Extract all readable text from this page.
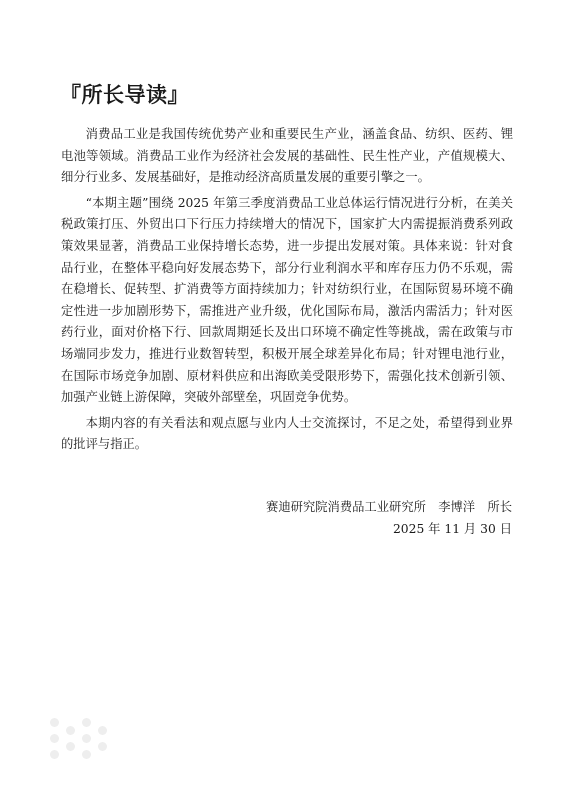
『所长导读』

消费品工业是我国传统优势产业和重要民生产业，涵盖食品、纺织、医药、锂电池等领域。消费品工业作为经济社会发展的基础性、民生性产业，产值规模大、细分行业多、发展基础好，是推动经济高质量发展的重要引擎之一。

“本期主题”围绕 2025 年第三季度消费品工业总体运行情况进行分析，在美关税政策打压、外贸出口下行压力持续增大的情况下，国家扩大内需提振消费系列政策效果显著，消费品工业保持增长态势，进一步提出发展对策。具体来说：针对食品行业，在整体平稳向好发展态势下，部分行业利润水平和库存压力仍不乐观，需在稳增长、促转型、扩消费等方面持续加力；针对纺织行业，在国际贸易环境不确定性进一步加剧形势下，需推进产业升级，优化国际布局，激活内需活力；针对医药行业，面对价格下行、回款周期延长及出口环境不确定性等挑战，需在政策与市场端同步发力，推进行业数智转型，积极开展全球差异化布局；针对锂电池行业，在国际市场竞争加剧、原材料供应和出海欧美受限形势下，需强化技术创新引领、加强产业链上游保障，突破外部壁垒，巩固竞争优势。

本期内容的有关看法和观点愿与业内人士交流探讨，不足之处，希望得到业界的批评与指正。

赛迪研究院消费品工业研究所　李博洋　所长
2025 年 11 月 30 日
